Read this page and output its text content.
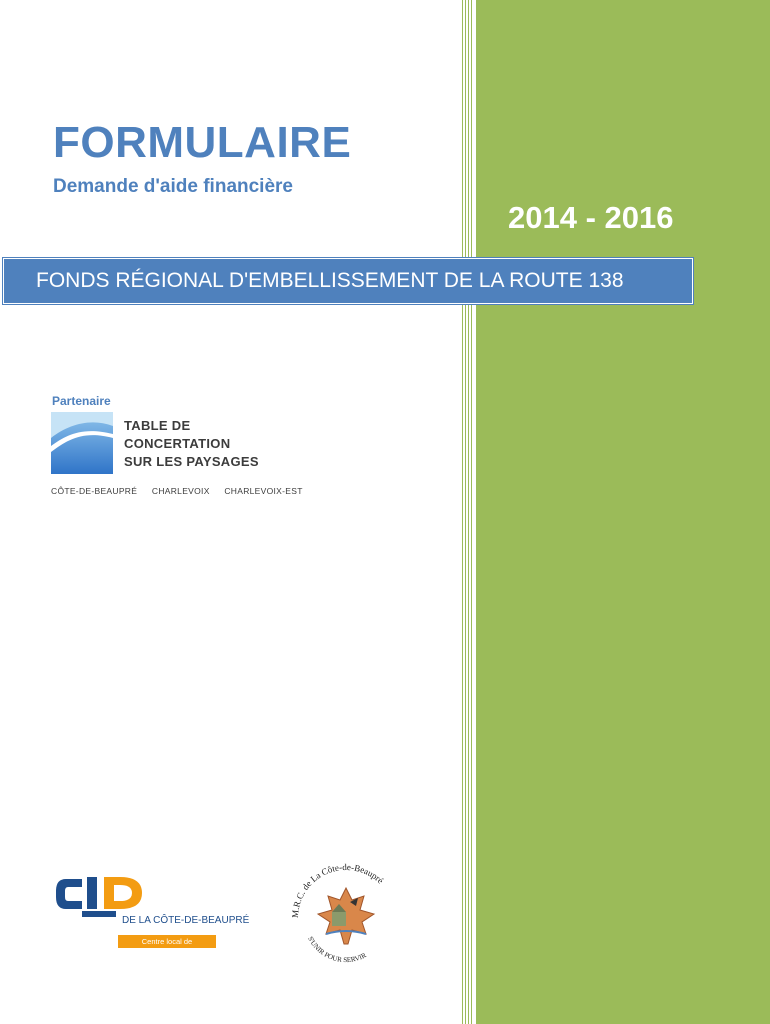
FORMULAIRE
Demande d'aide financière
2014 - 2016
FONDS RÉGIONAL D'EMBELLISSEMENT DE LA ROUTE 138
Partenaire
TABLE DE
CONCERTATION
SUR LES PAYSAGES
CÔTE-DE-BEAUPRÉ CHARLEVOIX CHARLEVOIX-EST
DE LA CÔTE-DE-BEAUPRÉ
Centre local de développement
M.R.C. de La Côte-de-Beaupré
S'UNIR POUR SERVIR
